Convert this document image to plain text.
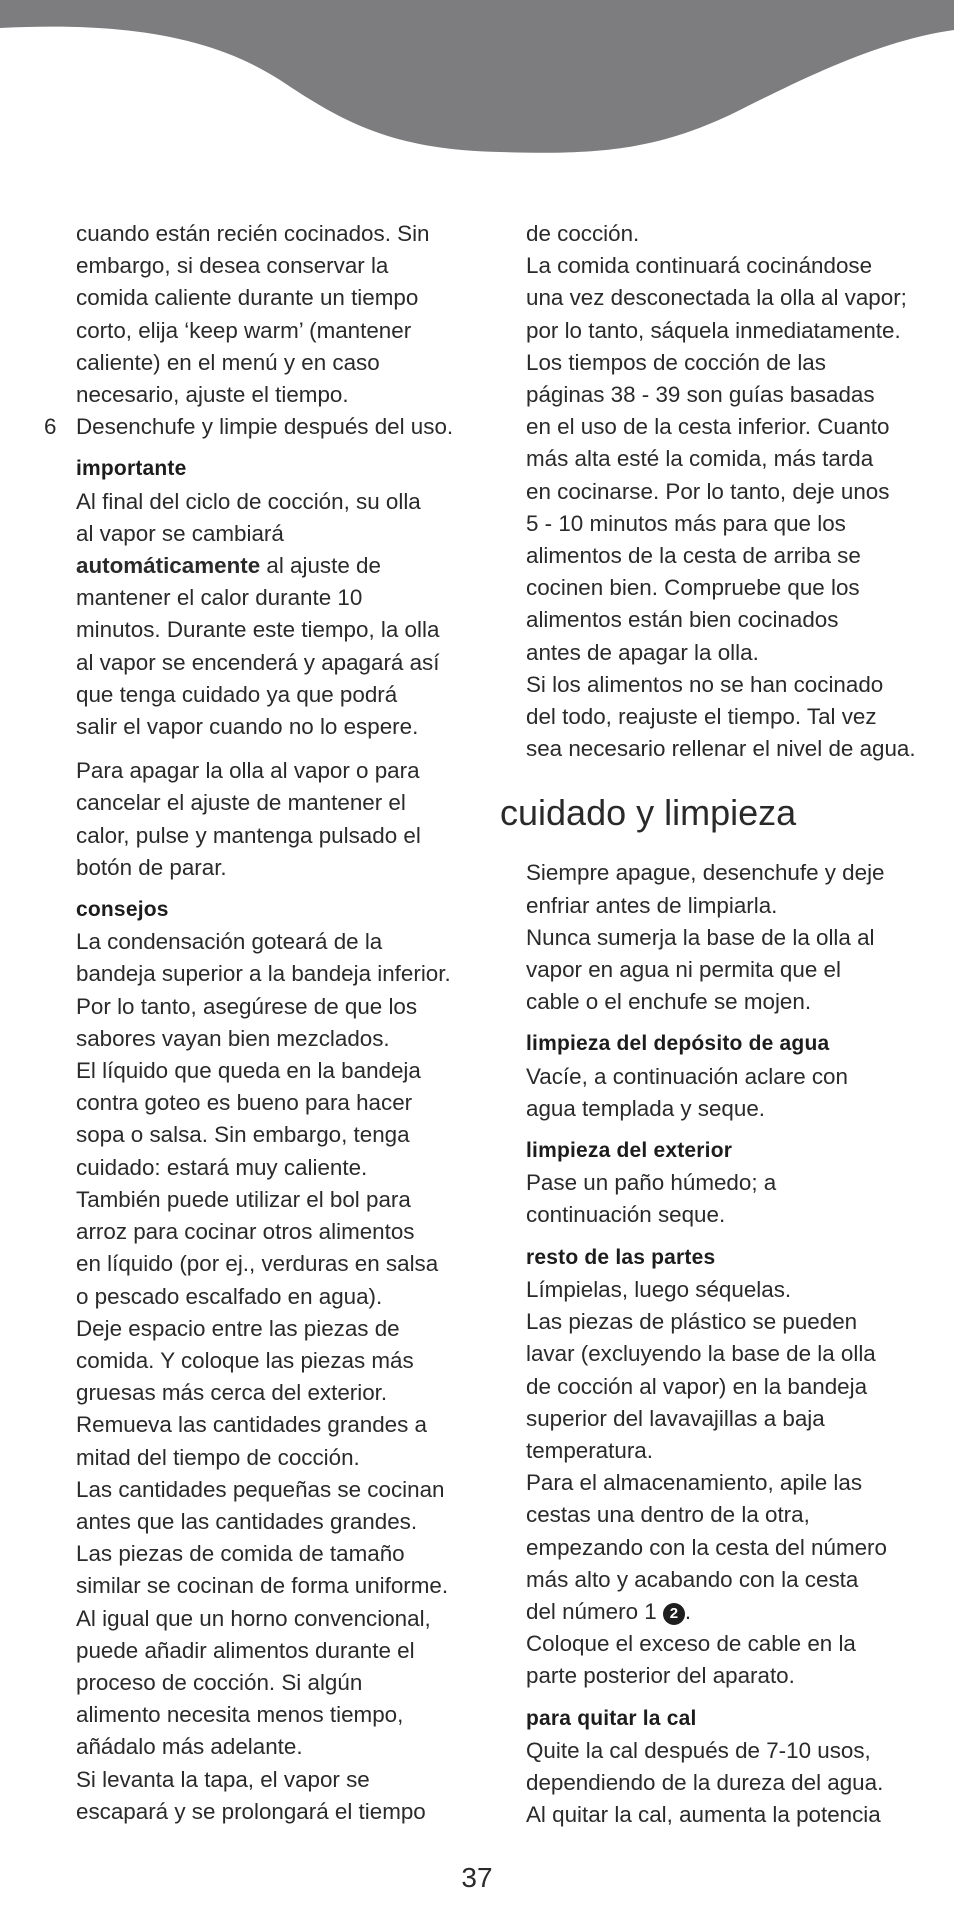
cuando están recién cocinados. Sin

embargo, si desea conservar la

comida caliente durante un tiempo

corto, elija ‘keep warm’ (mantener

caliente) en el menú y en caso

necesario, ajuste el tiempo.

6 Desenchufe y limpie después del uso.

importante

Al final del ciclo de cocción, su olla

al vapor se cambiará

automáticamente al ajuste de

mantener el calor durante 10

minutos. Durante este tiempo, la olla

al vapor se encenderá y apagará así

que tenga cuidado ya que podrá

salir el vapor cuando no lo espere.

Para apagar la olla al vapor o para

cancelar el ajuste de mantener el

calor, pulse y mantenga pulsado el

botón de parar.

consejos

La condensación goteará de la

bandeja superior a la bandeja inferior.

Por lo tanto, asegúrese de que los

sabores vayan bien mezclados.

El líquido que queda en la bandeja

contra goteo es bueno para hacer

sopa o salsa. Sin embargo, tenga

cuidado: estará muy caliente.

También puede utilizar el bol para

arroz para cocinar otros alimentos

en líquido (por ej., verduras en salsa

o pescado escalfado en agua).

Deje espacio entre las piezas de

comida. Y coloque las piezas más

gruesas más cerca del exterior.

Remueva las cantidades grandes a

mitad del tiempo de cocción.

Las cantidades pequeñas se cocinan

antes que las cantidades grandes.

Las piezas de comida de tamaño

similar se cocinan de forma uniforme.

Al igual que un horno convencional,

puede añadir alimentos durante el

proceso de cocción. Si algún

alimento necesita menos tiempo,

añádalo más adelante.

Si levanta la tapa, el vapor se

escapará y se prolongará el tiempo

de cocción.

La comida continuará cocinándose

una vez desconectada la olla al vapor;

por lo tanto, sáquela inmediatamente.

Los tiempos de cocción de las

páginas 38 - 39 son guías basadas

en el uso de la cesta inferior. Cuanto

más alta esté la comida, más tarda

en cocinarse. Por lo tanto, deje unos

5 - 10 minutos más para que los

alimentos de la cesta de arriba se

cocinen bien. Compruebe que los

alimentos están bien cocinados

antes de apagar la olla.

Si los alimentos no se han cocinado

del todo, reajuste el tiempo. Tal vez

sea necesario rellenar el nivel de agua.

cuidado y limpieza

Siempre apague, desenchufe y deje

enfriar antes de limpiarla.

Nunca sumerja la base de la olla al

vapor en agua ni permita que el

cable o el enchufe se mojen.

limpieza del depósito de agua

Vacíe, a continuación aclare con

agua templada y seque.

limpieza del exterior

Pase un paño húmedo; a

continuación seque.

resto de las partes

Límpielas, luego séquelas.

Las piezas de plástico se pueden

lavar (excluyendo la base de la olla

de cocción al vapor) en la bandeja

superior del lavavajillas a baja

temperatura.

Para el almacenamiento, apile las

cestas una dentro de la otra,

empezando con la cesta del número

más alto y acabando con la cesta

del número 1 2 .

Coloque el exceso de cable en la

parte posterior del aparato.

para quitar la cal

Quite la cal después de 7-10 usos,

dependiendo de la dureza del agua.

Al quitar la cal, aumenta la potencia

37
